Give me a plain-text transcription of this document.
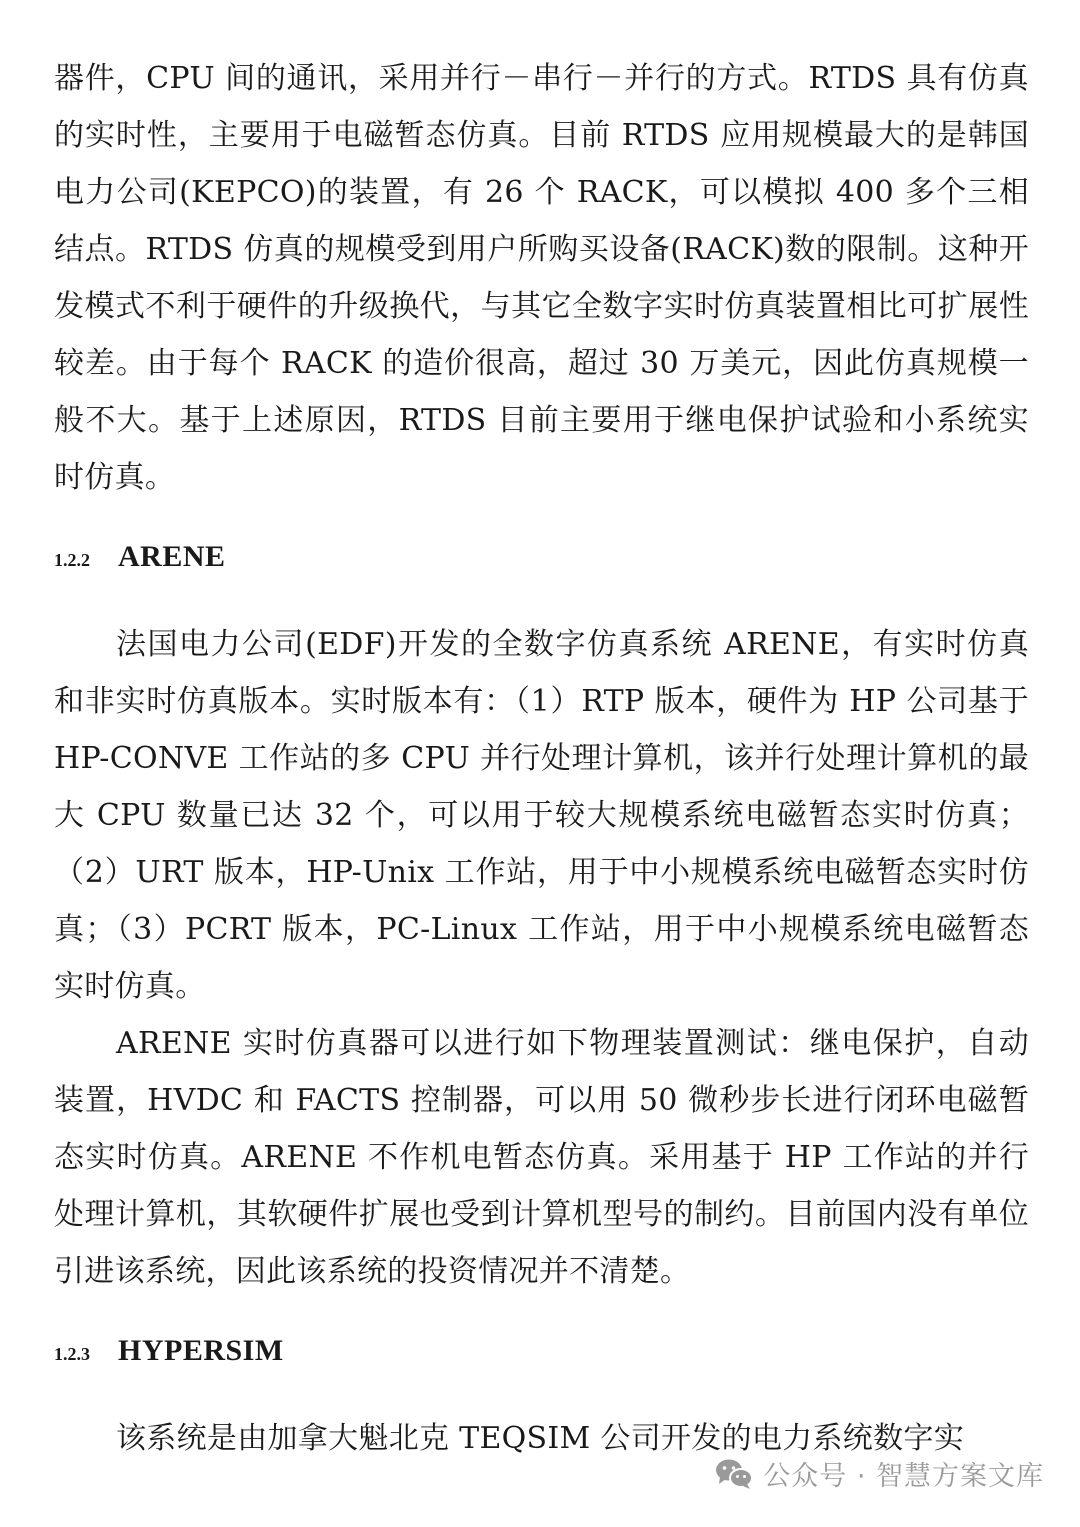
器件，CPU 间的通讯，采用并行－串行－并行的方式。RTDS 具有仿真的实时性，主要用于电磁暂态仿真。目前 RTDS 应用规模最大的是韩国电力公司(KEPCO)的装置，有 26 个 RACK，可以模拟 400 多个三相结点。RTDS 仿真的规模受到用户所购买设备(RACK)数的限制。这种开发模式不利于硬件的升级换代，与其它全数字实时仿真装置相比可扩展性较差。由于每个 RACK 的造价很高，超过 30 万美元，因此仿真规模一般不大。基于上述原因，RTDS 目前主要用于继电保护试验和小系统实时仿真。

1.2.2 ARENE

法国电力公司(EDF)开发的全数字仿真系统 ARENE，有实时仿真和非实时仿真版本。实时版本有：（1）RTP 版本，硬件为 HP 公司基于 HP-CONVE 工作站的多 CPU 并行处理计算机，该并行处理计算机的最大 CPU 数量已达 32 个，可以用于较大规模系统电磁暂态实时仿真；（2）URT 版本，HP-Unix 工作站，用于中小规模系统电磁暂态实时仿真；（3）PCRT 版本，PC-Linux 工作站，用于中小规模系统电磁暂态实时仿真。

ARENE 实时仿真器可以进行如下物理装置测试：继电保护，自动装置，HVDC 和 FACTS 控制器，可以用 50 微秒步长进行闭环电磁暂态实时仿真。ARENE 不作机电暂态仿真。采用基于 HP 工作站的并行处理计算机，其软硬件扩展也受到计算机型号的制约。目前国内没有单位引进该系统，因此该系统的投资情况并不清楚。

1.2.3 HYPERSIM

该系统是由加拿大魁北克 TEQSIM 公司开发的电力系统数字实

公众号 · 智慧方案文库
